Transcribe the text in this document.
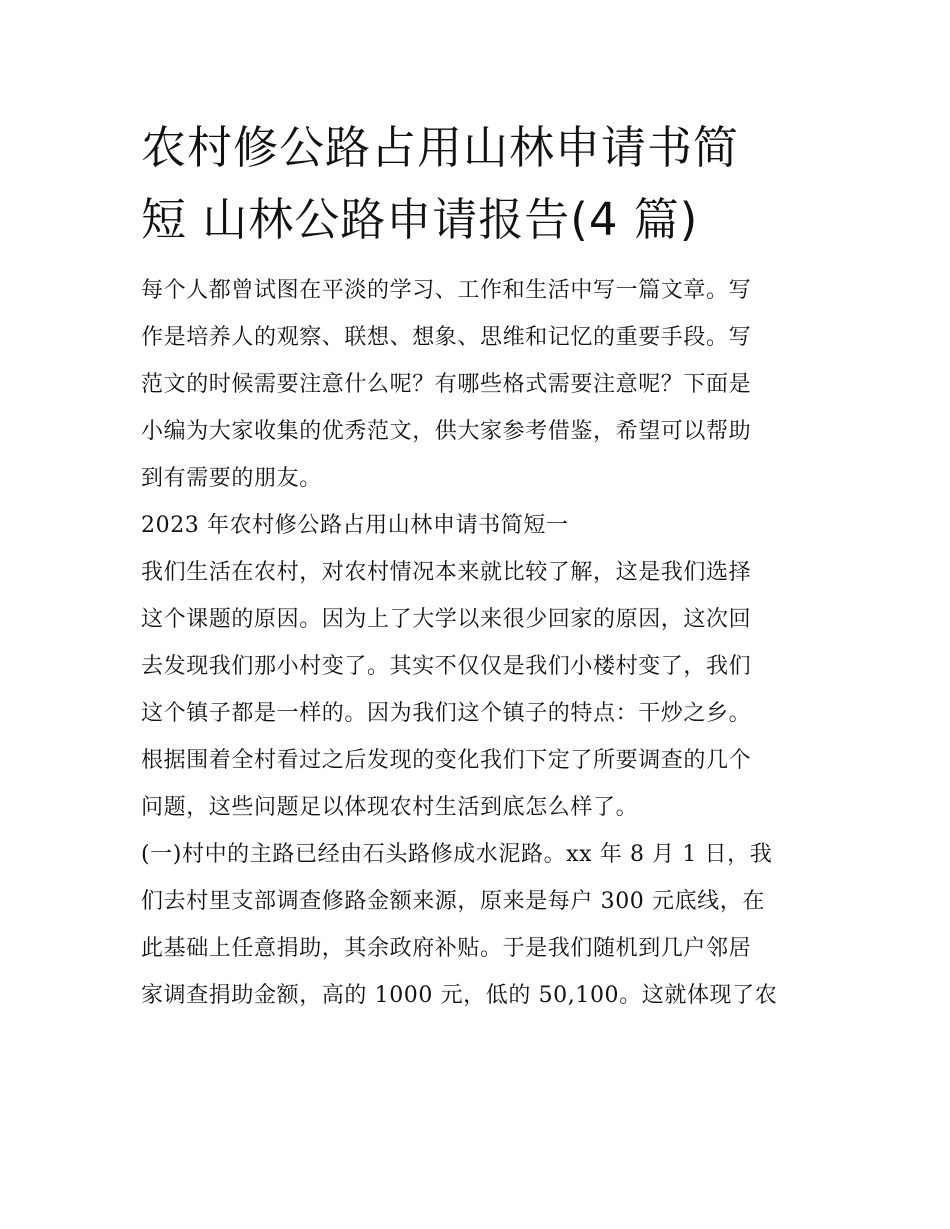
农村修公路占用山林申请书简
短 山林公路申请报告(4 篇)
每个人都曾试图在平淡的学习、工作和生活中写一篇文章。写
作是培养人的观察、联想、想象、思维和记忆的重要手段。写
范文的时候需要注意什么呢？有哪些格式需要注意呢？下面是
小编为大家收集的优秀范文，供大家参考借鉴，希望可以帮助
到有需要的朋友。
2023 年农村修公路占用山林申请书简短一
我们生活在农村，对农村情况本来就比较了解，这是我们选择
这个课题的原因。因为上了大学以来很少回家的原因，这次回
去发现我们那小村变了。其实不仅仅是我们小楼村变了，我们
这个镇子都是一样的。因为我们这个镇子的特点：干炒之乡。
根据围着全村看过之后发现的变化我们下定了所要调查的几个
问题，这些问题足以体现农村生活到底怎么样了。
(一)村中的主路已经由石头路修成水泥路。xx 年 8 月 1 日，我
们去村里支部调查修路金额来源，原来是每户 300 元底线，在
此基础上任意捐助，其余政府补贴。于是我们随机到几户邻居
家调查捐助金额，高的 1000 元，低的 50,100。这就体现了农
